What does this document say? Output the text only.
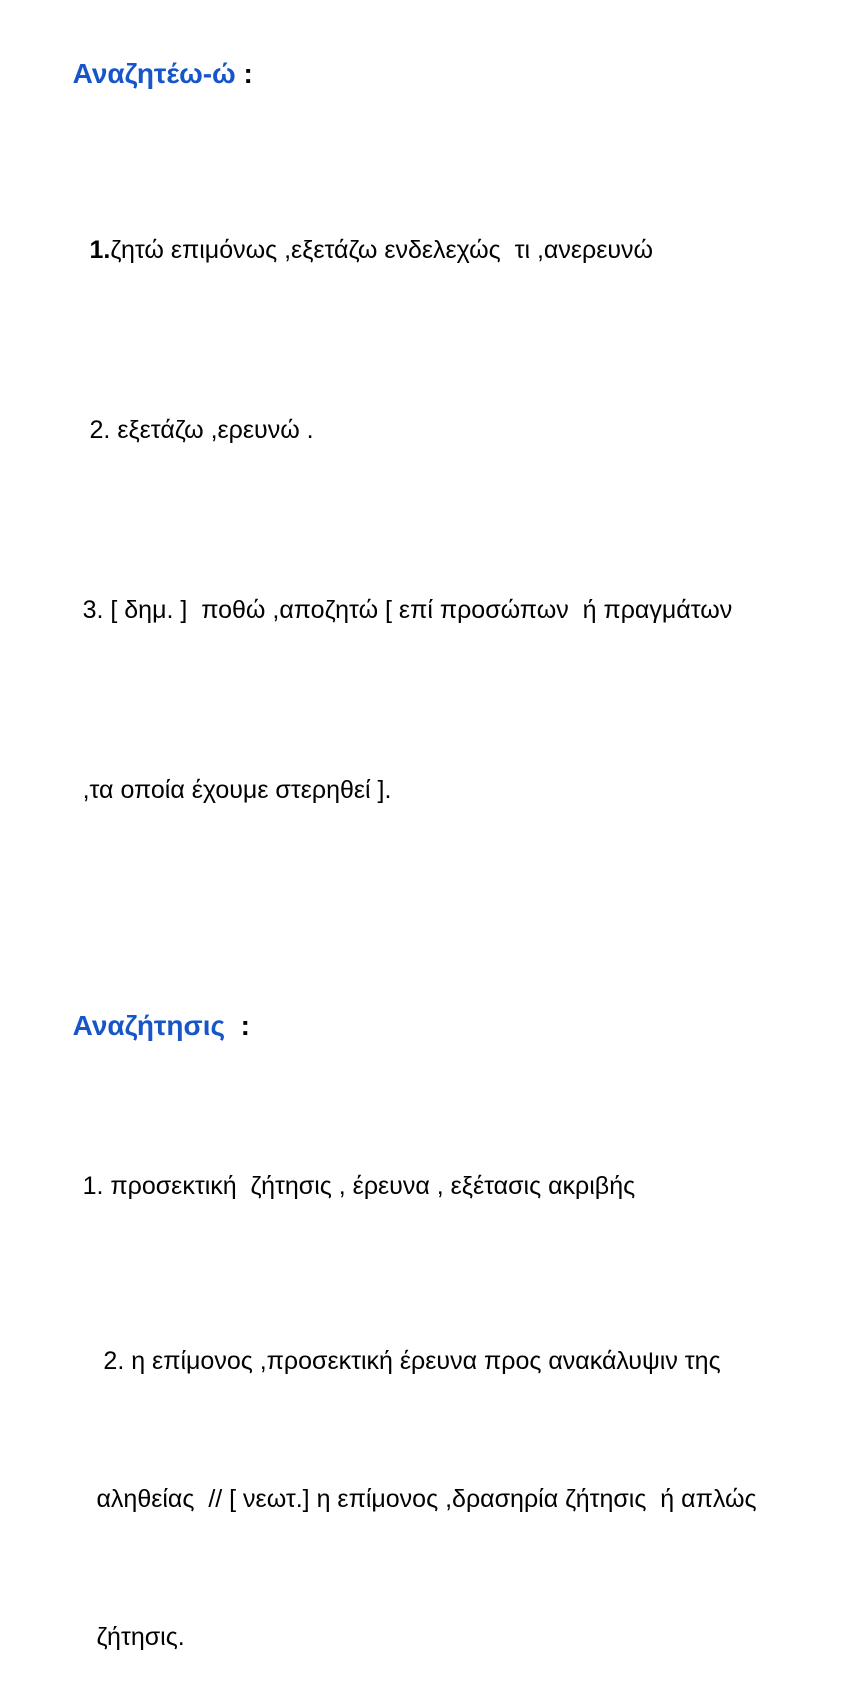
Αναζητέω-ώ :

1.ζητώ επιμόνως ,εξετάζω ενδελεχώς  τι ,ανερευνώ

2. εξετάζω ,ερευνώ .

3. [ δημ. ]  ποθώ ,αποζητώ [ επί προσώπων  ή πραγμάτων

,τα οποία έχουμε στερηθεί ].

Αναζήτησις  :

1. προσεκτική  ζήτησις , έρευνα , εξέτασις ακριβής

2. η επίμονος ,προσεκτική έρευνα προς ανακάλυψιν της

αληθείας  // [ νεωτ.] η επίμονος ,δρασηρία ζήτησις  ή απλώς

ζήτησις.
